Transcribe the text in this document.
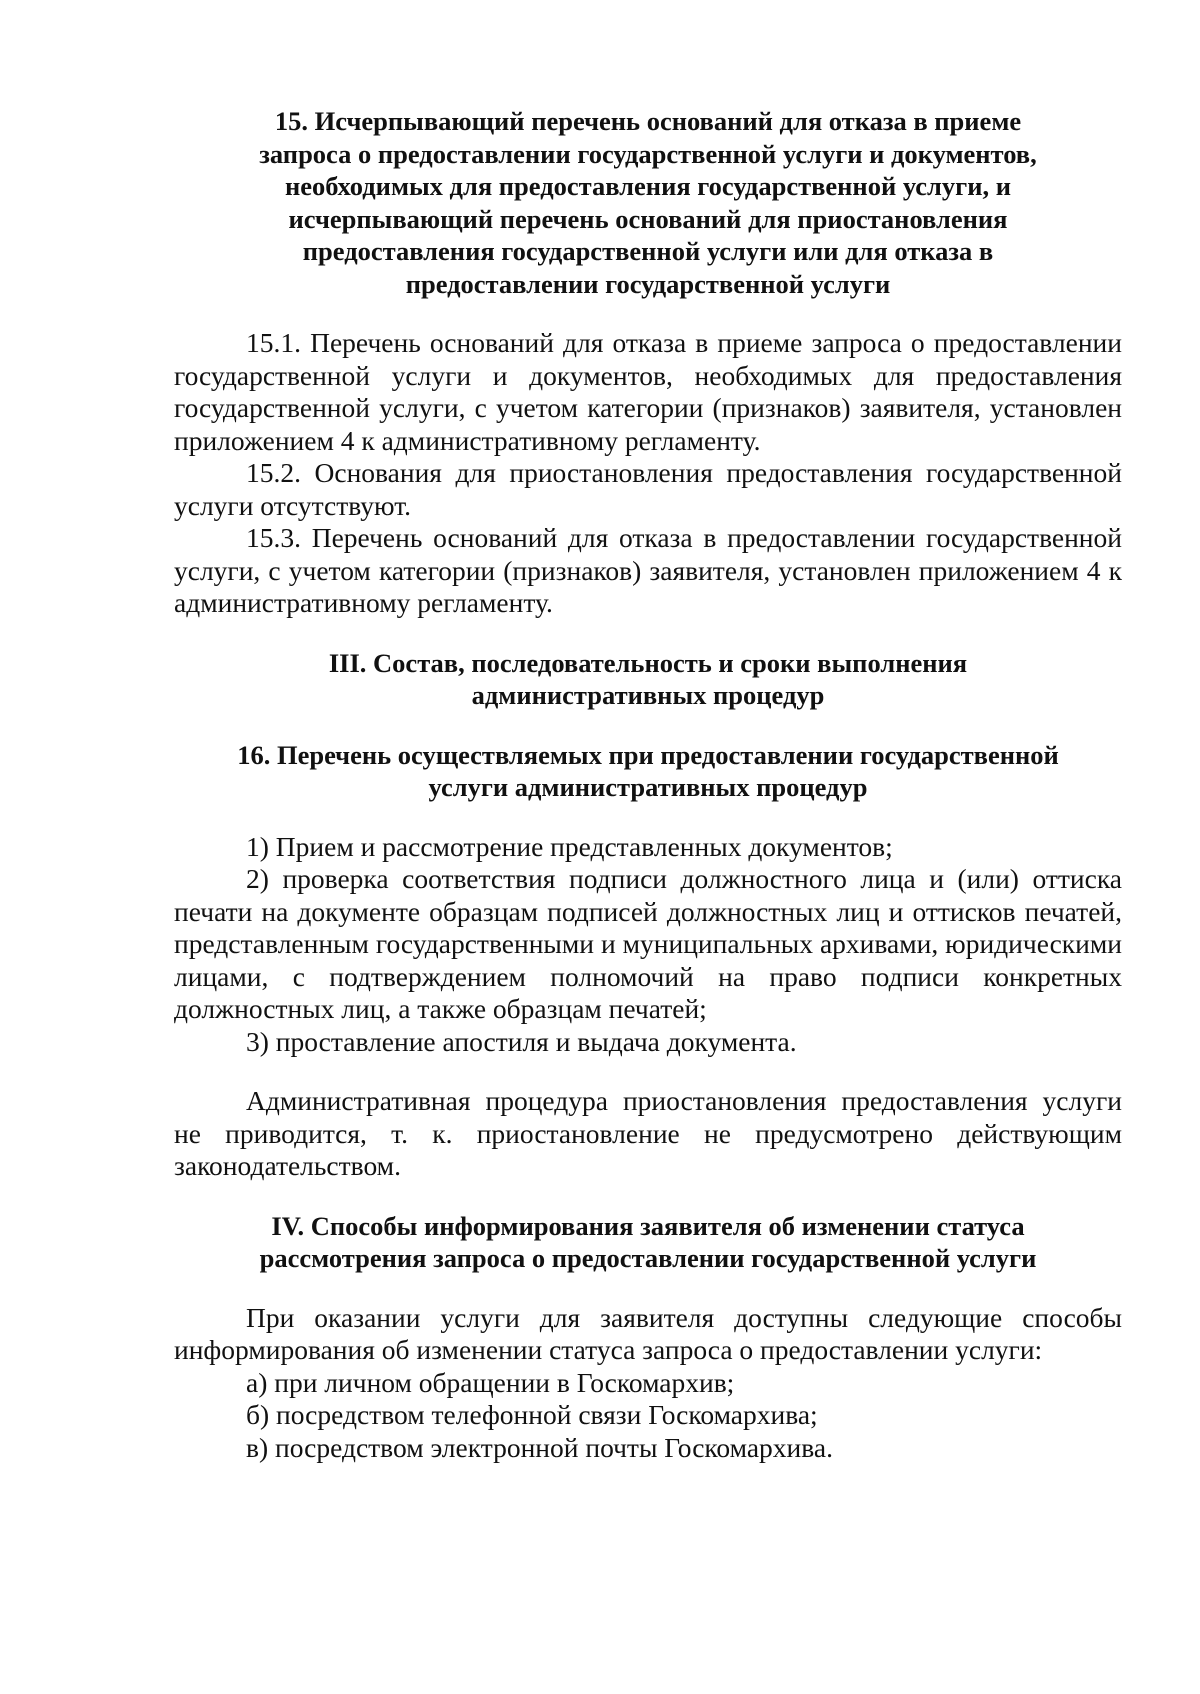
15. Исчерпывающий перечень оснований для отказа в приеме
запроса о предоставлении государственной услуги и документов,
необходимых для предоставления государственной услуги, и
исчерпывающий перечень оснований для приостановления
предоставления государственной услуги или для отказа в
предоставлении государственной услуги

15.1. Перечень оснований для отказа в приеме запроса о предоставлении государственной услуги и документов, необходимых для предоставления государственной услуги, с учетом категории (признаков) заявителя, установлен приложением 4 к административному регламенту.

15.2. Основания для приостановления предоставления государственной услуги отсутствуют.

15.3. Перечень оснований для отказа в предоставлении государственной услуги, с учетом категории (признаков) заявителя, установлен приложением 4 к административному регламенту.

III. Состав, последовательность и сроки выполнения
административных процедур
16. Перечень осуществляемых при предоставлении государственной
услуги административных процедур

1) Прием и рассмотрение представленных документов;

2) проверка соответствия подписи должностного лица и (или) оттиска печати на документе образцам подписей должностных лиц и оттисков печатей, представленным государственными и муниципальных архивами, юридическими лицами, с подтверждением полномочий на право подписи конкретных должностных лиц, а также образцам печатей;

3) проставление апостиля и выдача документа.

Административная процедура приостановления предоставления услуги не приводится, т. к. приостановление не предусмотрено действующим законодательством.

IV. Способы информирования заявителя об изменении статуса
рассмотрения запроса о предоставлении государственной услуги

При оказании услуги для заявителя доступны следующие способы информирования об изменении статуса запроса о предоставлении услуги:

а) при личном обращении в Госкомархив;

б) посредством телефонной связи Госкомархива;

в) посредством электронной почты Госкомархива.
